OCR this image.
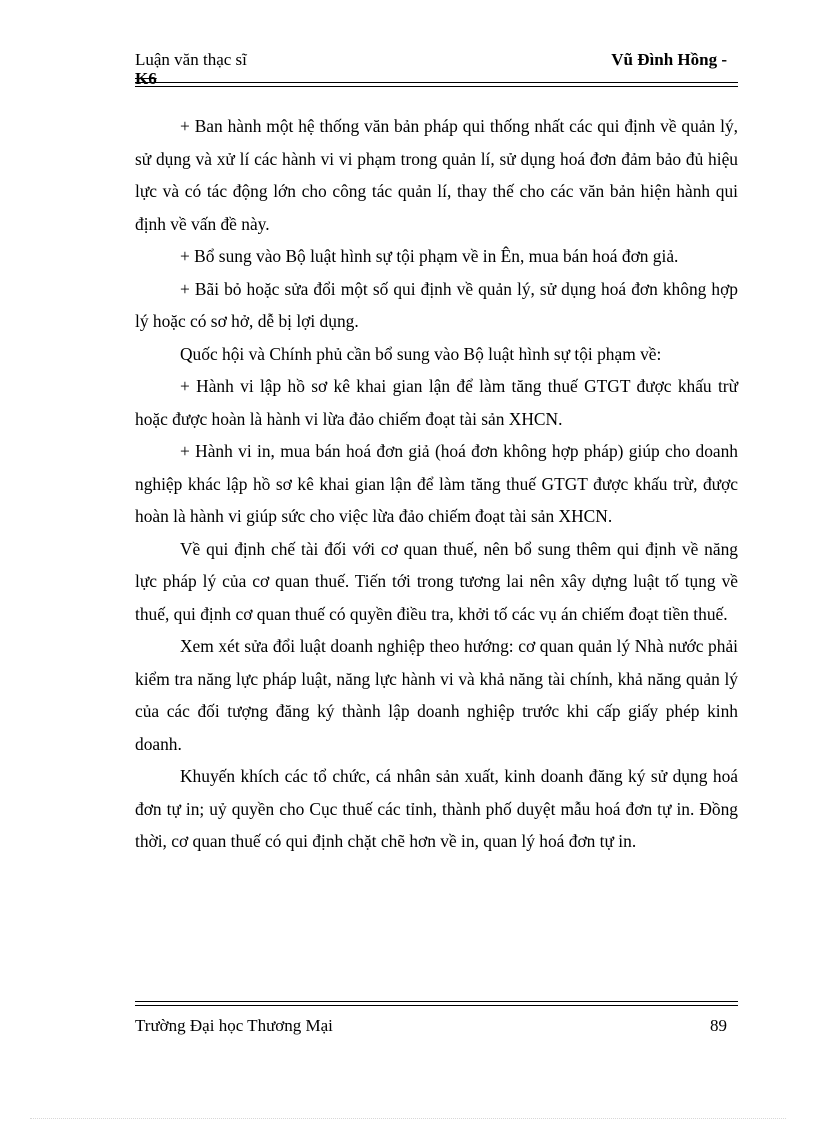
Luận văn thạc sĩ
K6
Vũ Đình Hồng -

+ Ban hành một hệ thống văn bản pháp qui thống nhất các qui định về quản lý, sử dụng và xử lí các hành vi vi phạm trong quản lí, sử dụng hoá đơn đảm bảo đủ hiệu lực và có tác động lớn cho công tác quản lí, thay thế cho các văn bản hiện hành qui định về vấn đề này.

+ Bổ sung vào Bộ luật hình sự tội phạm về in Ên, mua bán hoá đơn giả.

+ Bãi bỏ hoặc sửa đổi một số qui định về quản lý, sử dụng hoá đơn không hợp lý hoặc có sơ hở, dễ bị lợi dụng.

Quốc hội và Chính phủ cần bổ sung vào Bộ luật hình sự tội phạm về:

+ Hành vi lập hồ sơ kê khai gian lận để làm tăng thuế GTGT được khấu trừ hoặc được hoàn là hành vi lừa đảo chiếm đoạt tài sản XHCN.

+ Hành vi in, mua bán hoá đơn giả (hoá đơn không hợp pháp) giúp cho doanh nghiệp khác lập hồ sơ kê khai gian lận để làm tăng thuế GTGT được khấu trừ, được hoàn là hành vi giúp sức cho việc lừa đảo chiếm đoạt tài sản XHCN.

Về qui định chế tài đối với cơ quan thuế, nên bổ sung thêm qui định về năng lực pháp lý của cơ quan thuế. Tiến tới trong tương lai nên xây dựng luật tố tụng về thuế, qui định cơ quan thuế có quyền điều tra, khởi tố các vụ án chiếm đoạt tiền thuế.

Xem xét sửa đổi luật doanh nghiệp theo hướng: cơ quan quản lý Nhà nước phải kiểm tra năng lực pháp luật, năng lực hành vi và khả năng tài chính, khả năng quản lý của các đối tượng đăng ký thành lập doanh nghiệp trước khi cấp giấy phép kinh doanh.

Khuyến khích các tổ chức, cá nhân sản xuất, kinh doanh đăng ký sử dụng hoá đơn tự in; uỷ quyền cho Cục thuế các tỉnh, thành phố duyệt mẫu hoá đơn tự in. Đồng thời, cơ quan thuế có qui định chặt chẽ hơn về in, quan lý hoá đơn tự in.

Trường Đại học Thương Mại	89
